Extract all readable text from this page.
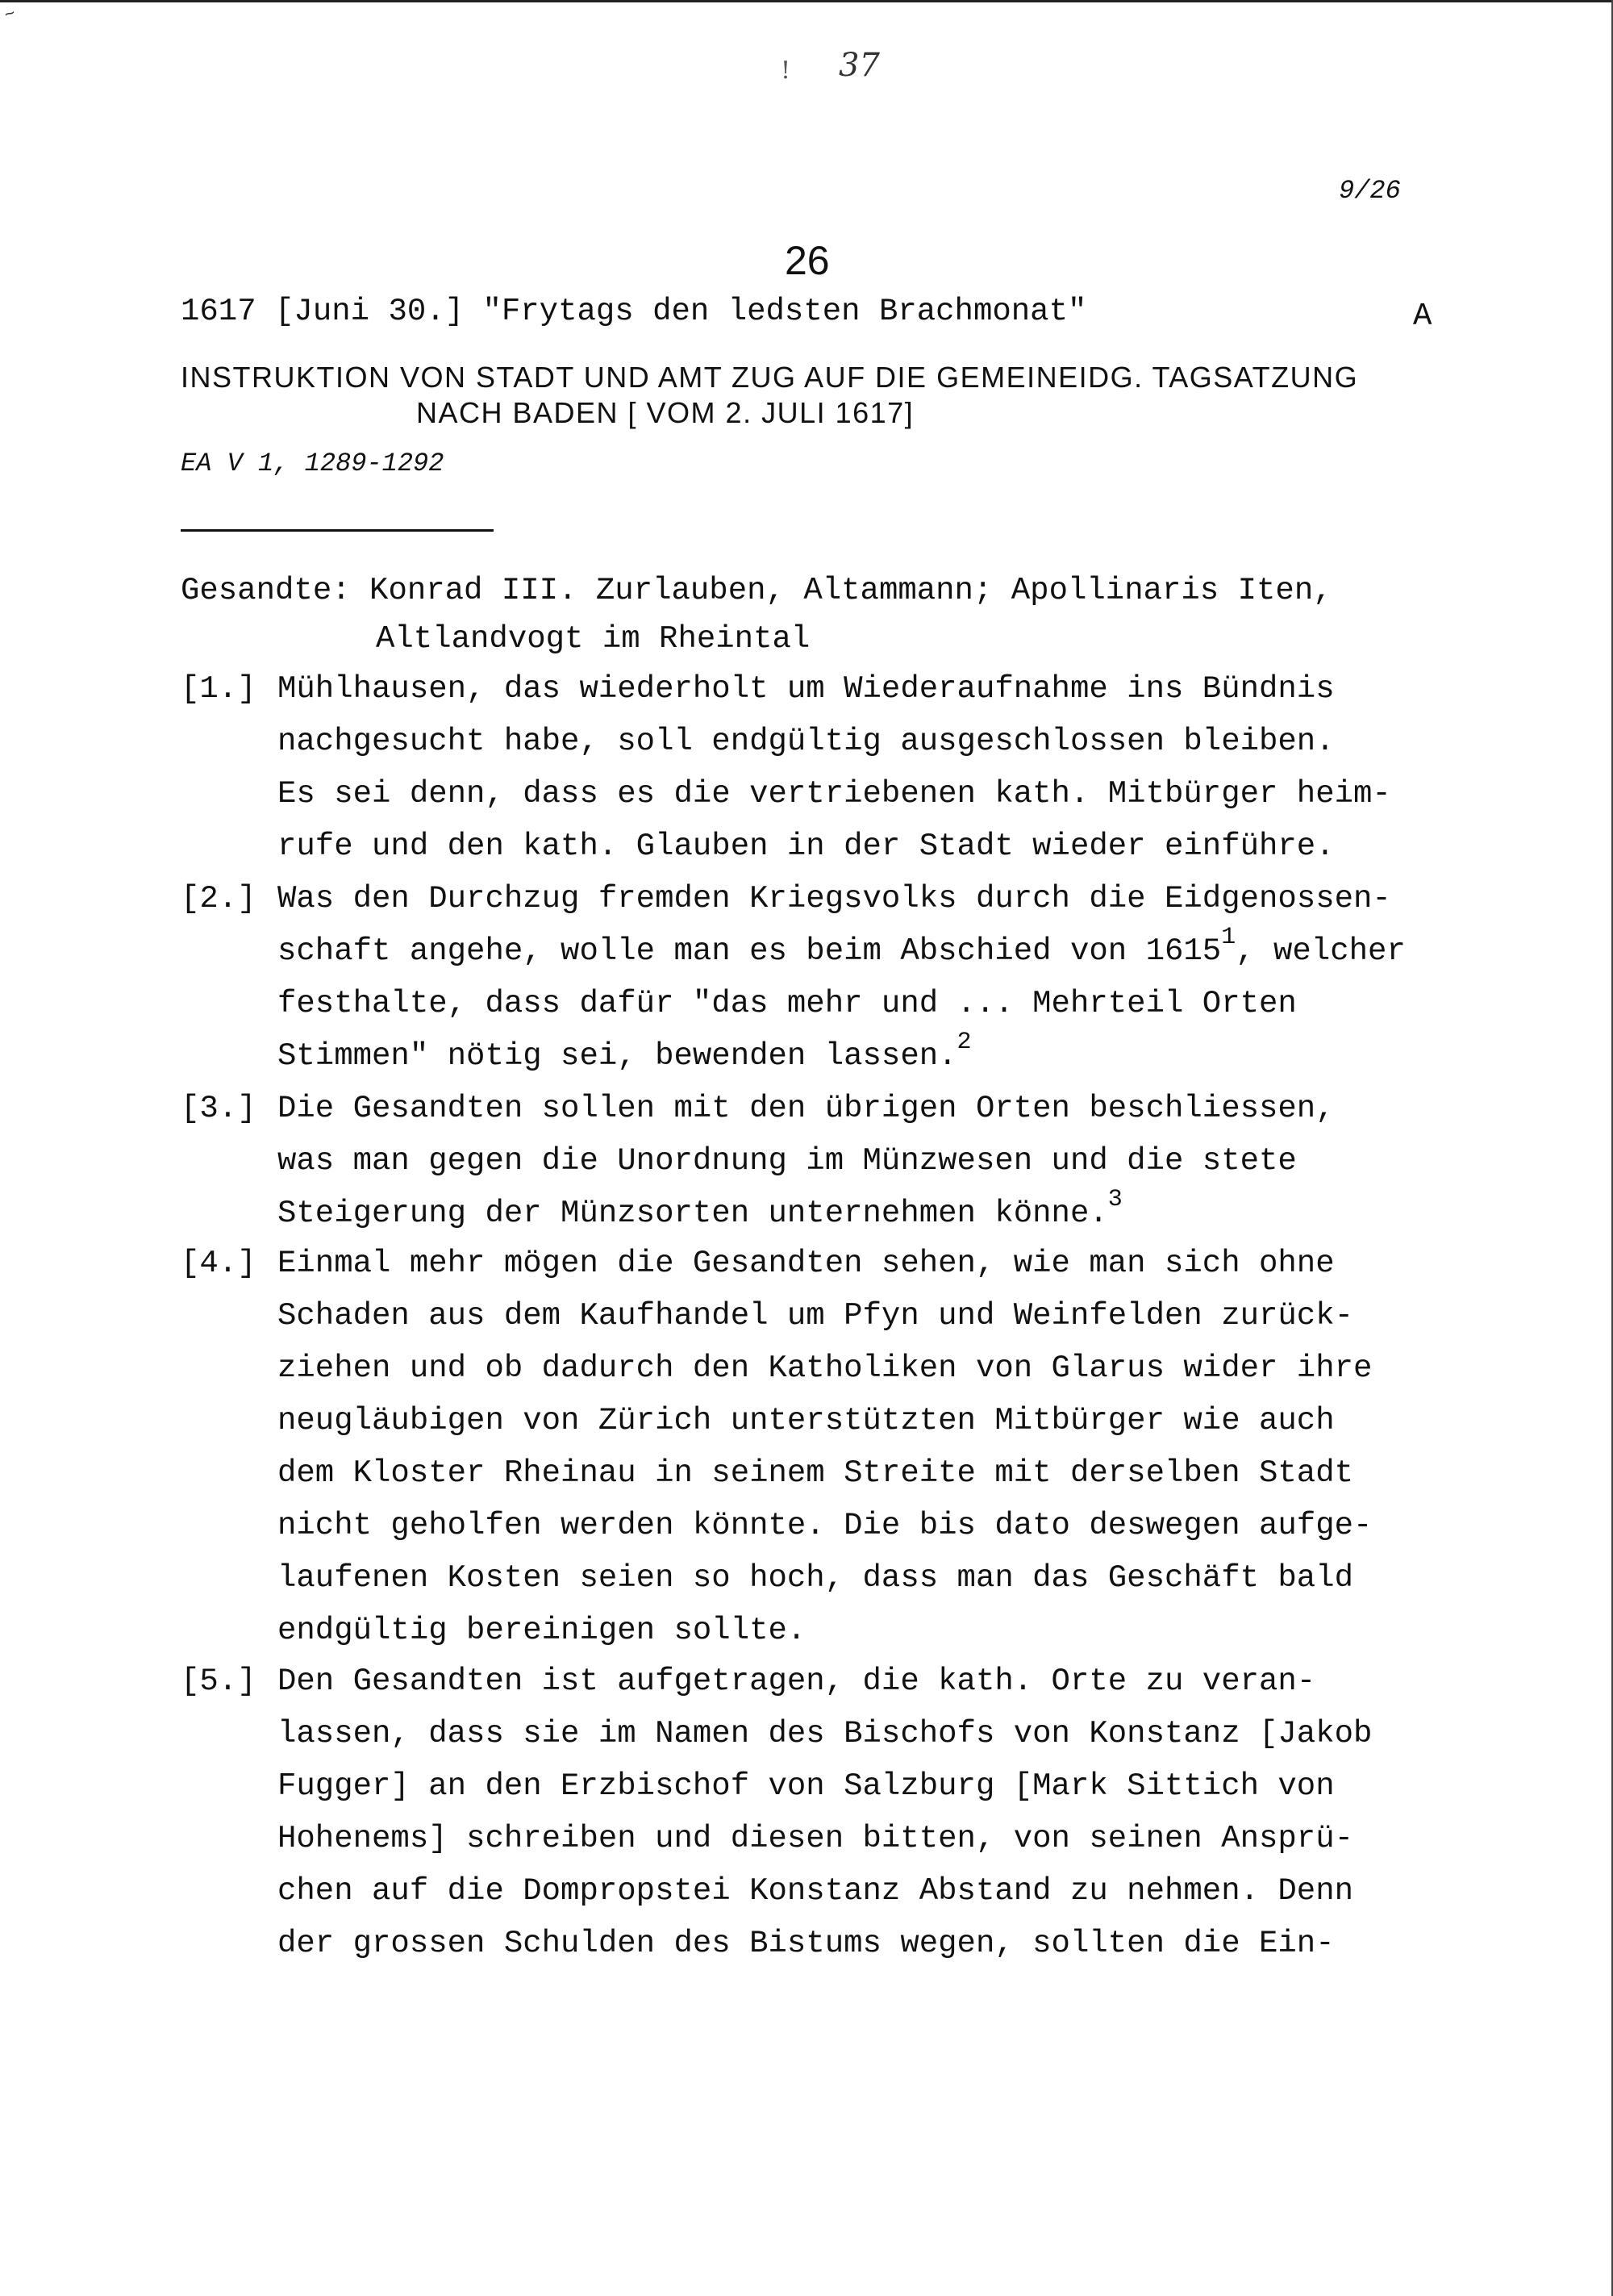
~
! 37
9/26
26
1617 [Juni 30.] "Frytags den ledsten Brachmonat"	A
INSTRUKTION VON STADT UND AMT ZUG AUF DIE GEMEINEIDG. TAGSATZUNG
NACH BADEN [ VOM 2. JULI 1617]
EA V 1, 1289-1292
Gesandte: Konrad III. Zurlauben, Altammann; Apollinaris Iten,
Altlandvogt im Rheintal
[1.] Mühlhausen, das wiederholt um Wiederaufnahme ins Bündnis
nachgesucht habe, soll endgültig ausgeschlossen bleiben.
Es sei denn, dass es die vertriebenen kath. Mitbürger heim-
rufe und den kath. Glauben in der Stadt wieder einführe.
[2.] Was den Durchzug fremden Kriegsvolks durch die Eidgenossen-
schaft angehe, wolle man es beim Abschied von 1615$^1$, welcher
festhalte, dass dafür "das mehr und ... Mehrteil Orten
Stimmen" nötig sei, bewenden lassen.$^2$
[3.] Die Gesandten sollen mit den übrigen Orten beschliessen,
was man gegen die Unordnung im Münzwesen und die stete
Steigerung der Münzsorten unternehmen könne.$^3$
[4.] Einmal mehr mögen die Gesandten sehen, wie man sich ohne
Schaden aus dem Kaufhandel um Pfyn und Weinfelden zurück-
ziehen und ob dadurch den Katholiken von Glarus wider ihre
neugläubigen von Zürich unterstützten Mitbürger wie auch
dem Kloster Rheinau in seinem Streite mit derselben Stadt
nicht geholfen werden könnte. Die bis dato deswegen aufge-
laufenen Kosten seien so hoch, dass man das Geschäft bald
endgültig bereinigen sollte.
[5.] Den Gesandten ist aufgetragen, die kath. Orte zu veran-
lassen, dass sie im Namen des Bischofs von Konstanz [Jakob
Fugger] an den Erzbischof von Salzburg [Mark Sittich von
Hohenems] schreiben und diesen bitten, von seinen Ansprü-
chen auf die Dompropstei Konstanz Abstand zu nehmen. Denn
der grossen Schulden des Bistums wegen, sollten die Ein-
